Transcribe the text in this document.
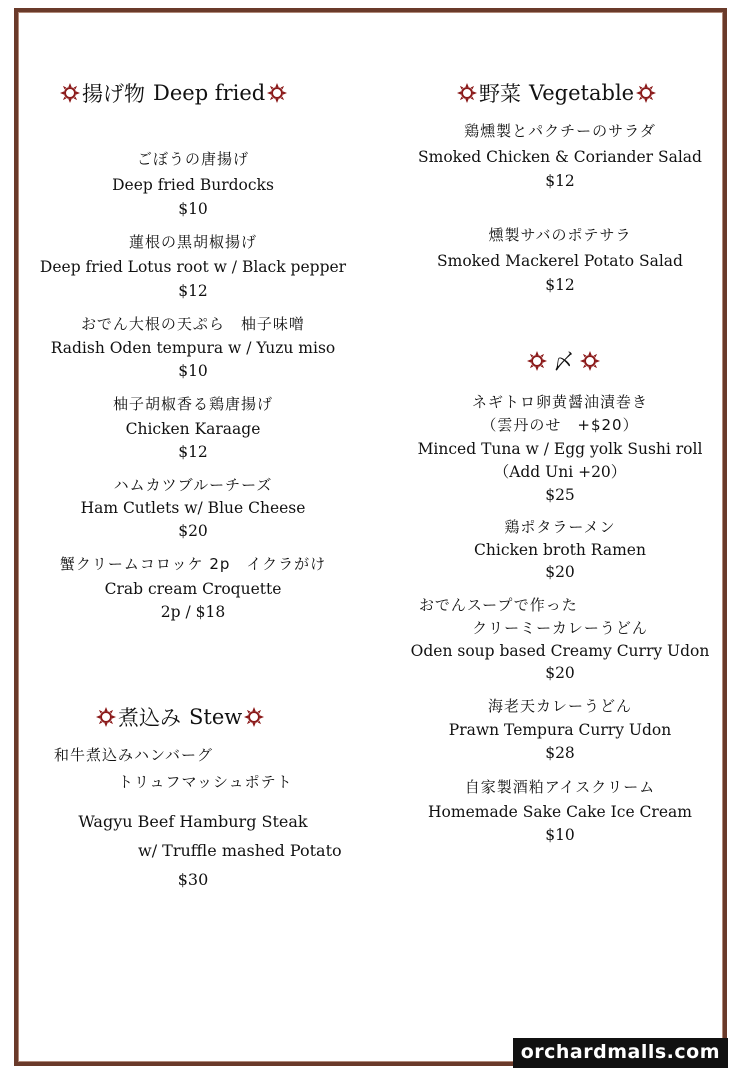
揚げ物 Deep fried
ごぼうの唐揚げ
Deep fried Burdocks
$10
蓮根の黒胡椒揚げ
Deep fried Lotus root w / Black pepper
$12
おでん大根の天ぷら　柚子味噌
Radish Oden tempura w / Yuzu miso
$10
柚子胡椒香る鶏唐揚げ
Chicken Karaage
$12
ハムカツブルーチーズ
Ham Cutlets w/ Blue Cheese
$20
蟹クリームコロッケ 2p　イクラがけ
Crab cream Croquette
2p / $18
煮込み Stew
和牛煮込みハンバーグ
トリュフマッシュポテト
Wagyu Beef Hamburg Steak
w/ Truffle mashed Potato
$30
野菜 Vegetable
鶏燻製とパクチーのサラダ
Smoked Chicken & Coriander Salad
$12
燻製サバのポテサラ
Smoked Mackerel Potato Salad
$12
〆
ネギトロ卵黄醤油漬巻き
（雲丹のせ　+$20）
Minced Tuna w / Egg yolk Sushi roll
（Add Uni +20）
$25
鶏ポタラーメン
Chicken broth Ramen
$20
おでんスープで作った
クリーミーカレーうどん
Oden soup based Creamy Curry Udon
$20
海老天カレーうどん
Prawn Tempura Curry Udon
$28
自家製酒粕アイスクリーム
Homemade Sake Cake Ice Cream
$10
orchardmalls.com
